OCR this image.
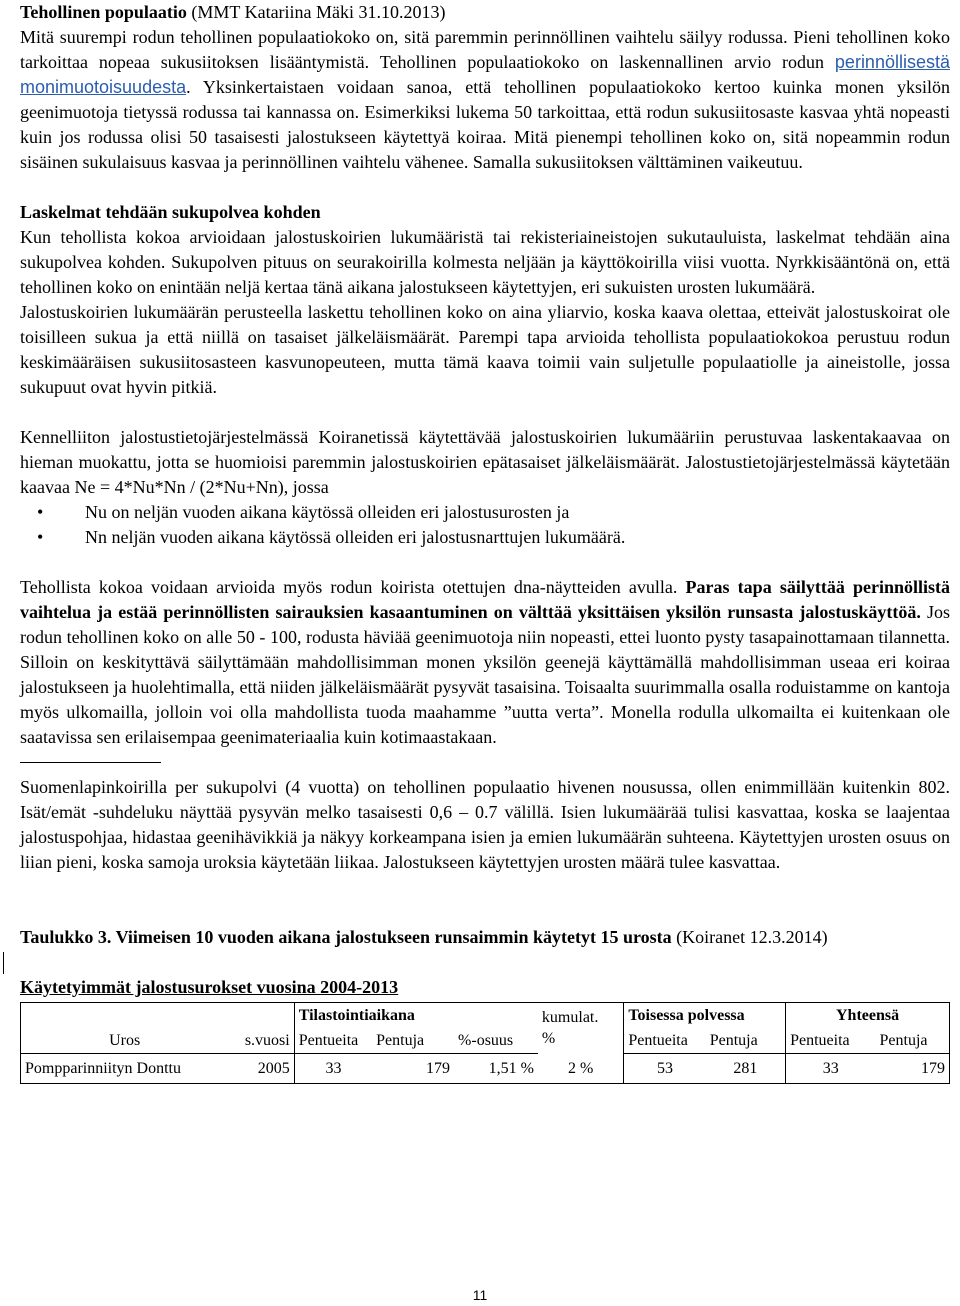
Tehollinen populaatio (MMT Katariina Mäki 31.10.2013)
Mitä suurempi rodun tehollinen populaatiokoko on, sitä paremmin perinnöllinen vaihtelu säilyy rodussa. Pieni tehollinen koko tarkoittaa nopeaa sukusiitoksen lisääntymistä. Tehollinen populaatiokoko on laskennallinen arvio rodun perinnöllisestä monimuotoisuudesta. Yksinkertaistaen voidaan sanoa, että tehollinen populaatiokoko kertoo kuinka monen yksilön geenimuotoja tietyssä rodussa tai kannassa on. Esimerkiksi lukema 50 tarkoittaa, että rodun sukusiitosaste kasvaa yhtä nopeasti kuin jos rodussa olisi 50 tasaisesti jalostukseen käytettyä koiraa. Mitä pienempi tehollinen koko on, sitä nopeammin rodun sisäinen sukulaisuus kasvaa ja perinnöllinen vaihtelu vähenee. Samalla sukusiitoksen välttäminen vaikeutuu.

Laskelmat tehdään sukupolvea kohden
Kun tehollista kokoa arvioidaan jalostuskoirien lukumääristä tai rekisteriaineistojen sukutauluista, laskelmat tehdään aina sukupolvea kohden. Sukupolven pituus on seurakoirilla kolmesta neljään ja käyttökoirilla viisi vuotta. Nyrkkisääntönä on, että tehollinen koko on enintään neljä kertaa tänä aikana jalostukseen käytettyjen, eri sukuisten urosten lukumäärä.

Jalostuskoirien lukumäärän perusteella laskettu tehollinen koko on aina yliarvio, koska kaava olettaa, etteivät jalostuskoirat ole toisilleen sukua ja että niillä on tasaiset jälkeläismäärät. Parempi tapa arvioida tehollista populaatiokokoa perustuu rodun keskimääräisen sukusiitosasteen kasvunopeuteen, mutta tämä kaava toimii vain suljetulle populaatiolle ja aineistolle, jossa sukupuut ovat hyvin pitkiä.

Kennelliiton jalostustietojärjestelmässä Koiranetissä käytettävää jalostuskoirien lukumääriin perustuvaa laskentakaavaa on hieman muokattu, jotta se huomioisi paremmin jalostuskoirien epätasaiset jälkeläismäärät. Jalostustietojärjestelmässä käytetään kaavaa Ne = 4*Nu*Nn / (2*Nu+Nn), jossa

• Nu on neljän vuoden aikana käytössä olleiden eri jalostusurosten ja
• Nn neljän vuoden aikana käytössä olleiden eri jalostusnarttujen lukumäärä.

Tehollista kokoa voidaan arvioida myös rodun koirista otettujen dna-näytteiden avulla. Paras tapa säilyttää perinnöllistä vaihtelua ja estää perinnöllisten sairauksien kasaantuminen on välttää yksittäisen yksilön runsasta jalostuskäyttöä. Jos rodun tehollinen koko on alle 50 - 100, rodusta häviää geenimuotoja niin nopeasti, ettei luonto pysty tasapainottamaan tilannetta. Silloin on keskityttävä säilyttämään mahdollisimman monen yksilön geenejä käyttämällä mahdollisimman useaa eri koiraa jalostukseen ja huolehtimalla, että niiden jälkeläismäärät pysyvät tasaisina. Toisaalta suurimmalla osalla roduistamme on kantoja myös ulkomailla, jolloin voi olla mahdollista tuoda maahamme ”uutta verta”. Monella rodulla ulkomailta ei kuitenkaan ole saatavissa sen erilaisempaa geenimateriaalia kuin kotimaastakaan.

Suomenlapinkoirilla per sukupolvi (4 vuotta) on tehollinen populaatio hivenen nousussa, ollen enimmillään kuitenkin 802. Isät/emät -suhdeluku näyttää pysyvän melko tasaisesti 0,6 – 0.7 välillä. Isien lukumäärää tulisi kasvattaa, koska se laajentaa jalostuspohjaa, hidastaa geenihävikkiä ja näkyy korkeampana isien ja emien lukumäärän suhteena. Käytettyjen urosten osuus on liian pieni, koska samoja uroksia käytetään liikaa. Jalostukseen käytettyjen urosten määrä tulee kasvattaa.

Taulukko 3. Viimeisen 10 vuoden aikana jalostukseen runsaimmin käytetyt 15 urosta (Koiranet 12.3.2014)

Käytetyimmät jalostusurokset vuosina 2004-2013
		Tilastointiaikana			kumulat.
%	Toisessa polvessa		Yhteensä	
Uros	s.vuosi	Pentueita	Pentuja	%-osuus		Pentueita	Pentuja	Pentueita	Pentuja
Pompparinniityn Donttu	2005	33	179	1,51 %	2 %	53	281	33	179
11
